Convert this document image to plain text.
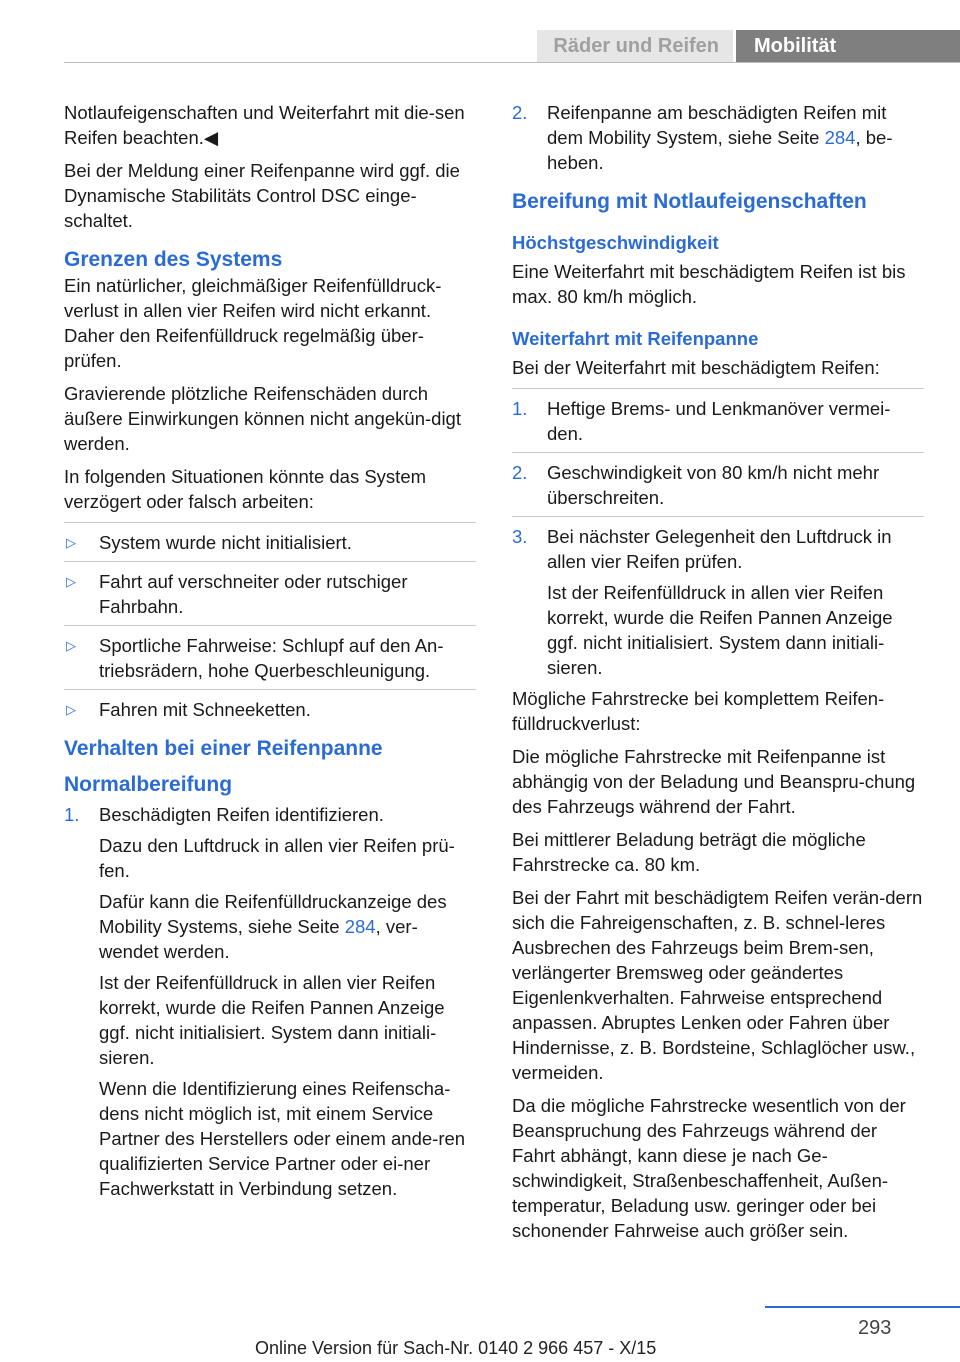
Räder und Reifen	Mobilität

Notlaufeigenschaften und Weiterfahrt mit die-sen Reifen beachten.◀

Bei der Meldung einer Reifenpanne wird ggf. die Dynamische Stabilitäts Control DSC einge-schaltet.

Grenzen des Systems

Ein natürlicher, gleichmäßiger Reifenfülldruck-verlust in allen vier Reifen wird nicht erkannt. Daher den Reifenfülldruck regelmäßig über-prüfen.

Gravierende plötzliche Reifenschäden durch äußere Einwirkungen können nicht angekün-digt werden.

In folgenden Situationen könnte das System verzögert oder falsch arbeiten:

▷ System wurde nicht initialisiert.
▷ Fahrt auf verschneiter oder rutschiger Fahrbahn.
▷ Sportliche Fahrweise: Schlupf auf den An-triebsrädern, hohe Querbeschleunigung.
▷ Fahren mit Schneeketten.
Verhalten bei einer Reifenpanne
Normalbereifung
1. Beschädigten Reifen identifizieren.

Dazu den Luftdruck in allen vier Reifen prü-fen.

Dafür kann die Reifenfülldruckanzeige des Mobility Systems, siehe Seite 284, ver-wendet werden.

Ist der Reifenfülldruck in allen vier Reifen korrekt, wurde die Reifen Pannen Anzeige ggf. nicht initialisiert. System dann initiali-sieren.

Wenn die Identifizierung eines Reifenscha-dens nicht möglich ist, mit einem Service Partner des Herstellers oder einem ande-ren qualifizierten Service Partner oder ei-ner Fachwerkstatt in Verbindung setzen.

2. Reifenpanne am beschädigten Reifen mit dem Mobility System, siehe Seite 284, be-heben.
Bereifung mit Notlaufeigenschaften
Höchstgeschwindigkeit

Eine Weiterfahrt mit beschädigtem Reifen ist bis max. 80 km/h möglich.

Weiterfahrt mit Reifenpanne

Bei der Weiterfahrt mit beschädigtem Reifen:

1. Heftige Brems- und Lenkmanöver vermei-den.
2. Geschwindigkeit von 80 km/h nicht mehr überschreiten.
3. Bei nächster Gelegenheit den Luftdruck in allen vier Reifen prüfen.

Ist der Reifenfülldruck in allen vier Reifen korrekt, wurde die Reifen Pannen Anzeige ggf. nicht initialisiert. System dann initiali-sieren.

Mögliche Fahrstrecke bei komplettem Reifen-fülldruckverlust:

Die mögliche Fahrstrecke mit Reifenpanne ist abhängig von der Beladung und Beanspru-chung des Fahrzeugs während der Fahrt.

Bei mittlerer Beladung beträgt die mögliche Fahrstrecke ca. 80 km.

Bei der Fahrt mit beschädigtem Reifen verän-dern sich die Fahreigenschaften, z. B. schnel-leres Ausbrechen des Fahrzeugs beim Brem-sen, verlängerter Bremsweg oder geändertes Eigenlenkverhalten. Fahrweise entsprechend anpassen. Abruptes Lenken oder Fahren über Hindernisse, z. B. Bordsteine, Schlaglöcher usw., vermeiden.

Da die mögliche Fahrstrecke wesentlich von der Beanspruchung des Fahrzeugs während der Fahrt abhängt, kann diese je nach Ge-schwindigkeit, Straßenbeschaffenheit, Außen-temperatur, Beladung usw. geringer oder bei schonender Fahrweise auch größer sein.

293
Online Version für Sach-Nr. 0140 2 966 457 - X/15
